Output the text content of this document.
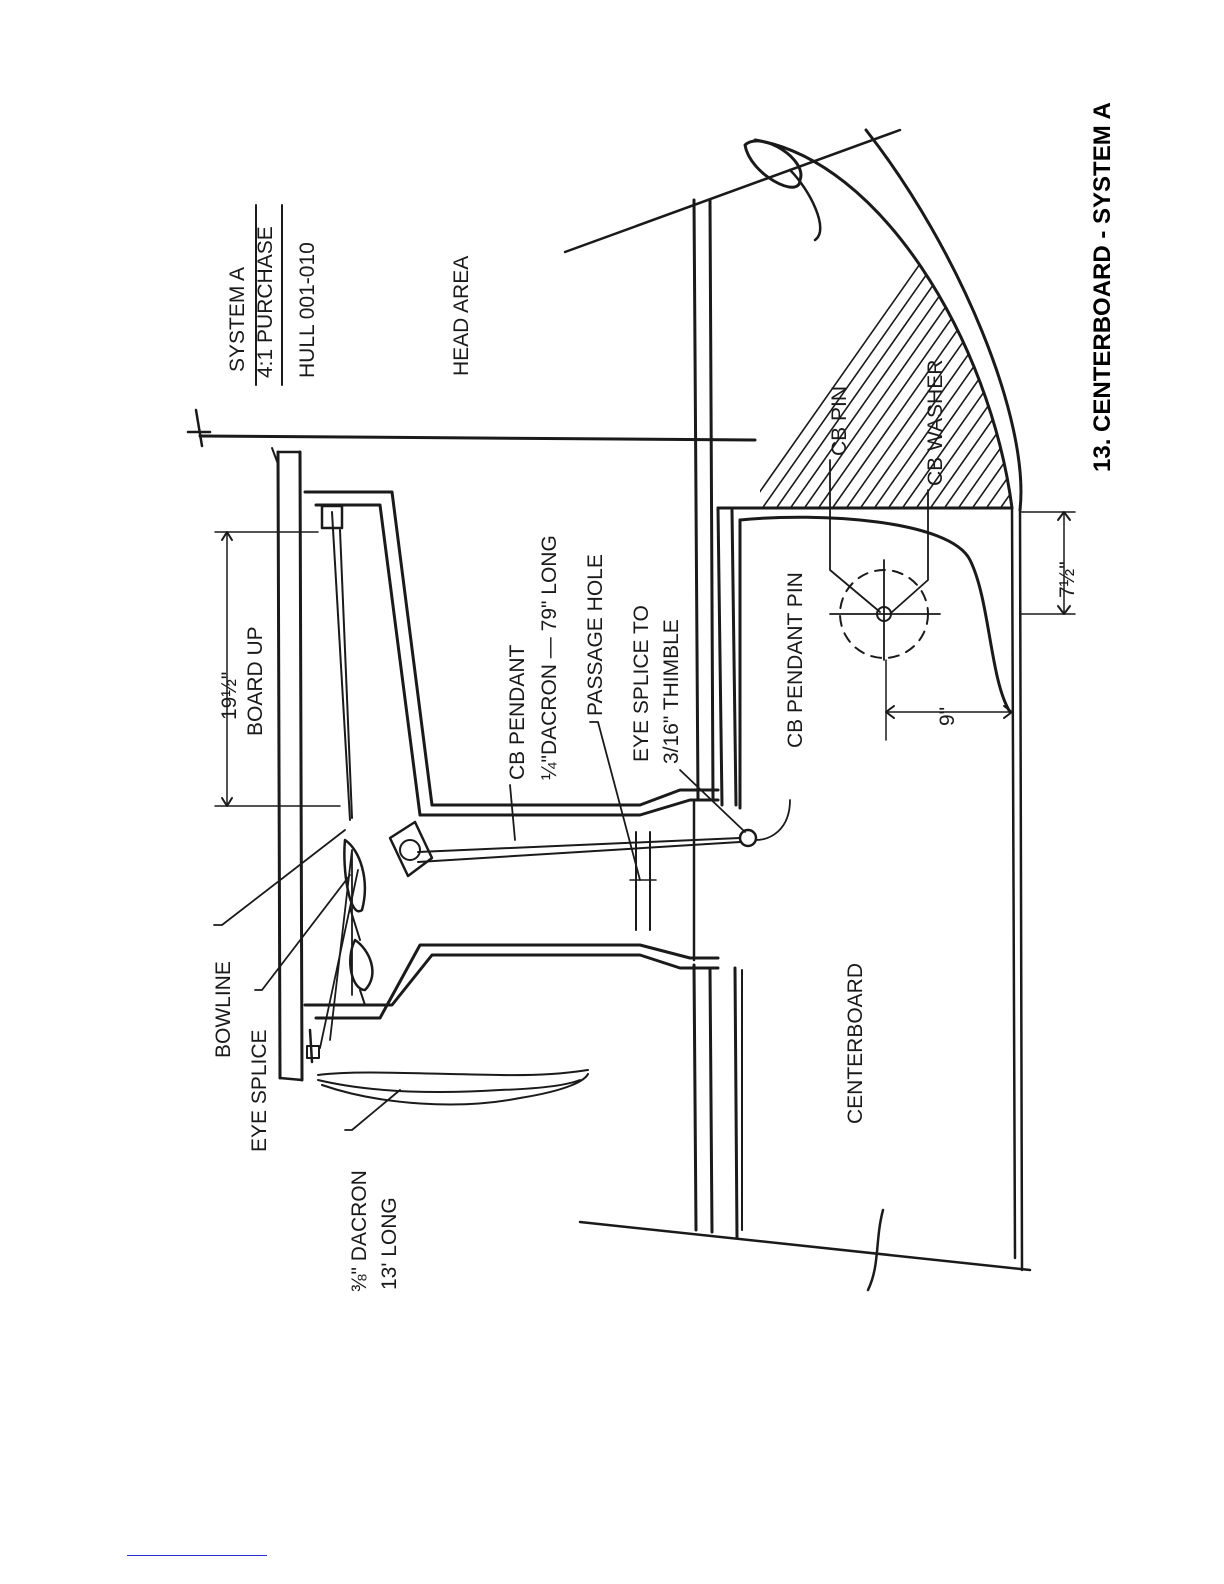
SYSTEM A 4:1 PURCHASE HULL 001-010	HEAD AREA
19½" BOARD UP
BOWLINE
EYE SPLICE
⅜" DACRON 13' LONG
CB PENDANT ¼"DACRON — 79" LONG PASSAGE HOLE EYE SPLICE TO 3/16" THIMBLE	CB PENDANT PIN
CB PIN	CB WASHER
9"
7½"
CENTERBOARD
13. CENTERBOARD - SYSTEM A
